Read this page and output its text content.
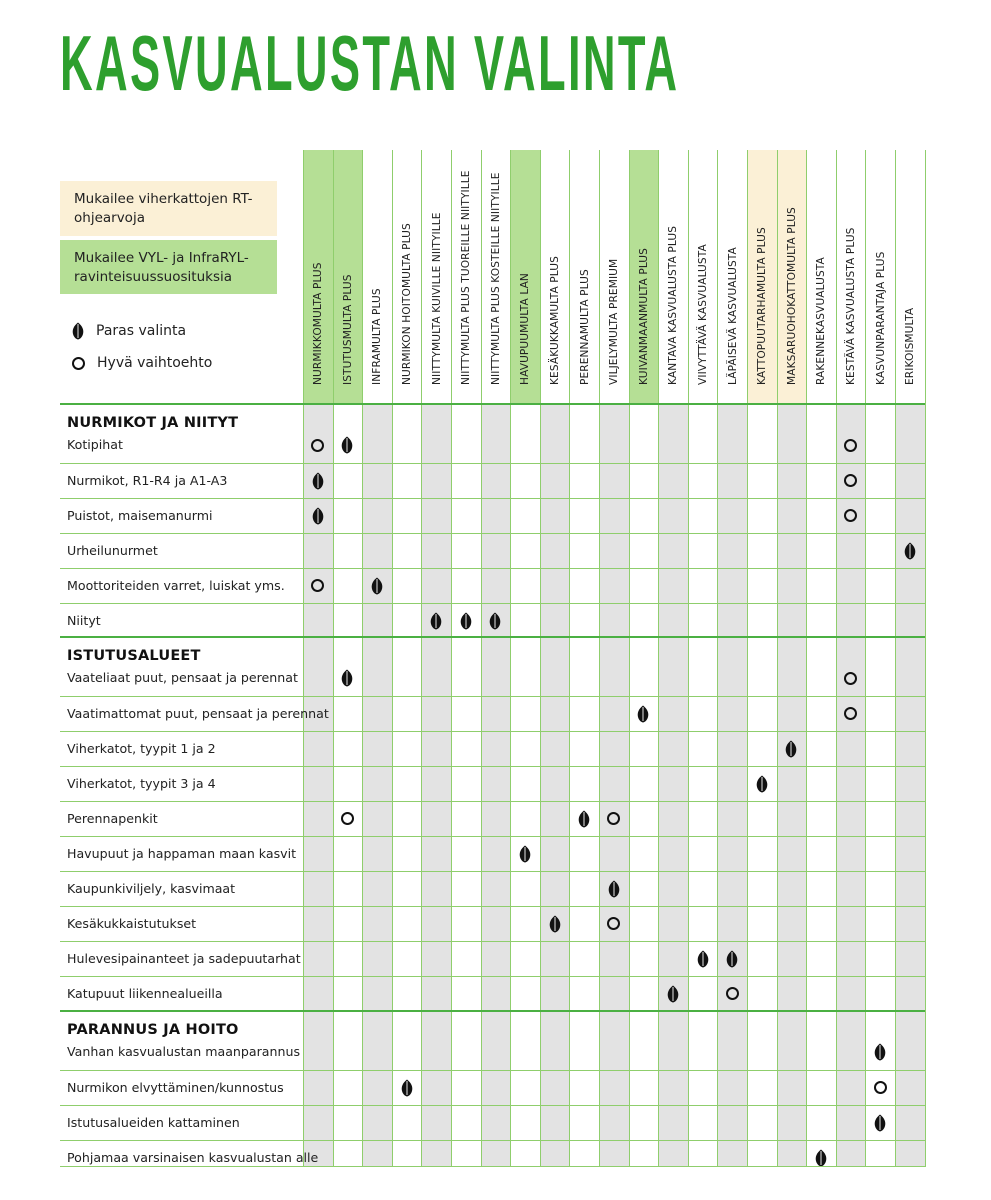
KASVUALUSTAN VALINTA
Mukailee viherkattojen RT-ohjearvoja
Mukailee VYL- ja InfraRYL-ravinteisuussuosituksia
Paras valinta
Hyvä vaihtoehto	NURMIKKOMULTA PLUS ISTUTUSMULTA PLUS INFRAMULTA PLUS NURMIKON HOITOMULTA PLUS NIITTYMULTA KUIVILLE NIITYILLE NIITTYMULTA PLUS TUOREILLE NIITYILLE NIITTYMULTA PLUS KOSTEILLE NIITYILLE HAVUPUUMULTA LAN KESÄKUKKAMULTA PLUS PERENNAMULTA PLUS VILJELYMULTA PREMIUM KUIVANMAANMULTA PLUS KANTAVA KASVUALUSTA PLUS VIIVYTTÄVÄ KASVUALUSTA LÄPÄISEVÄ KASVUALUSTA KATTOPUUTARHAMULTA PLUS MAKSARUOHOKATTOMULTA PLUS RAKENNEKASVUALUSTA KESTÄVÄ KASVUALUSTA PLUS KASVUNPARANTAJA PLUS ERIKOISMULTA
NURMIKOT JA NIITYT
Kotipihat
Nurmikot, R1-R4 ja A1-A3
Puistot, maisemanurmi
Urheilunurmet
Moottoriteiden varret, luiskat yms.
Niityt
ISTUTUSALUEET
Vaateliaat puut, pensaat ja perennat
Vaatimattomat puut, pensaat ja perennat
Viherkatot, tyypit 1 ja 2
Viherkatot, tyypit 3 ja 4
Perennapenkit
Havupuut ja happaman maan kasvit
Kaupunkiviljely, kasvimaat
Kesäkukkaistutukset
Hulevesipainanteet ja sadepuutarhat
Katupuut liikennealueilla
PARANNUS JA HOITO
Vanhan kasvualustan maanparannus
Nurmikon elvyttäminen/kunnostus
Istutusalueiden kattaminen
Pohjamaa varsinaisen kasvualustan alle
